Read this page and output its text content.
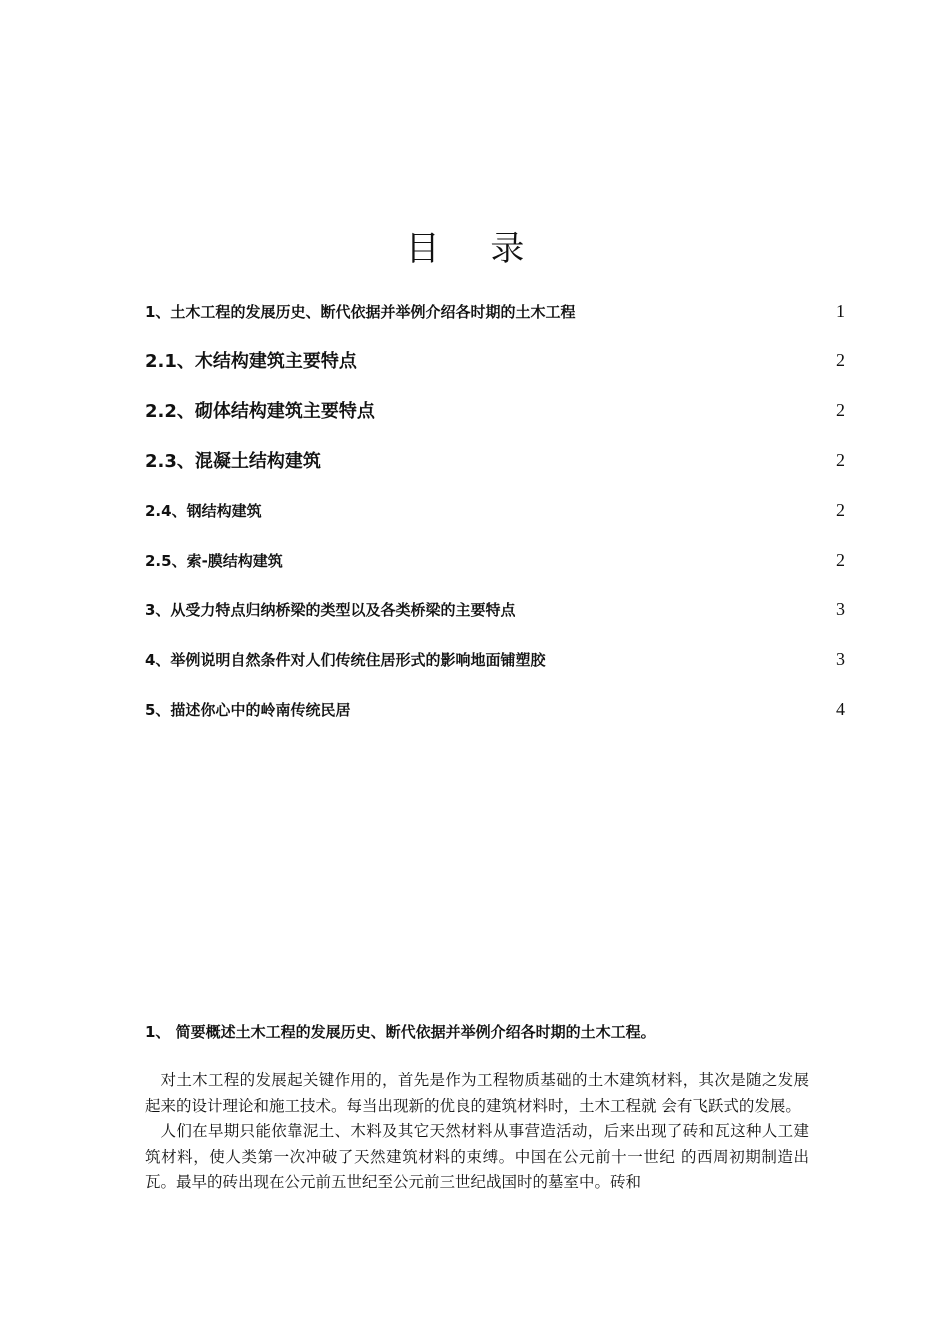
目 录
1、土木工程的发展历史、断代依据并举例介绍各时期的土木工程	1
2.1、木结构建筑主要特点	2
2.2、砌体结构建筑主要特点	2
2.3、混凝土结构建筑	2
2.4、钢结构建筑	2
2.5、索-膜结构建筑	2
3、从受力特点归纳桥梁的类型以及各类桥梁的主要特点	3
4、举例说明自然条件对人们传统住居形式的影响地面铺塑胶	3
5、描述你心中的岭南传统民居	4
1、 简要概述土木工程的发展历史、断代依据并举例介绍各时期的土木工程。

对土木工程的发展起关键作用的，首先是作为工程物质基础的土木建筑材料，其次是随之发展起来的设计理论和施工技术。每当出现新的优良的建筑材料时，土木工程就 会有飞跃式的发展。

人们在早期只能依靠泥土、木料及其它天然材料从事营造活动，后来出现了砖和瓦这种人工建筑材料，使人类第一次冲破了天然建筑材料的束缚。中国在公元前十一世纪 的西周初期制造出瓦。最早的砖出现在公元前五世纪至公元前三世纪战国时的墓室中。砖和
